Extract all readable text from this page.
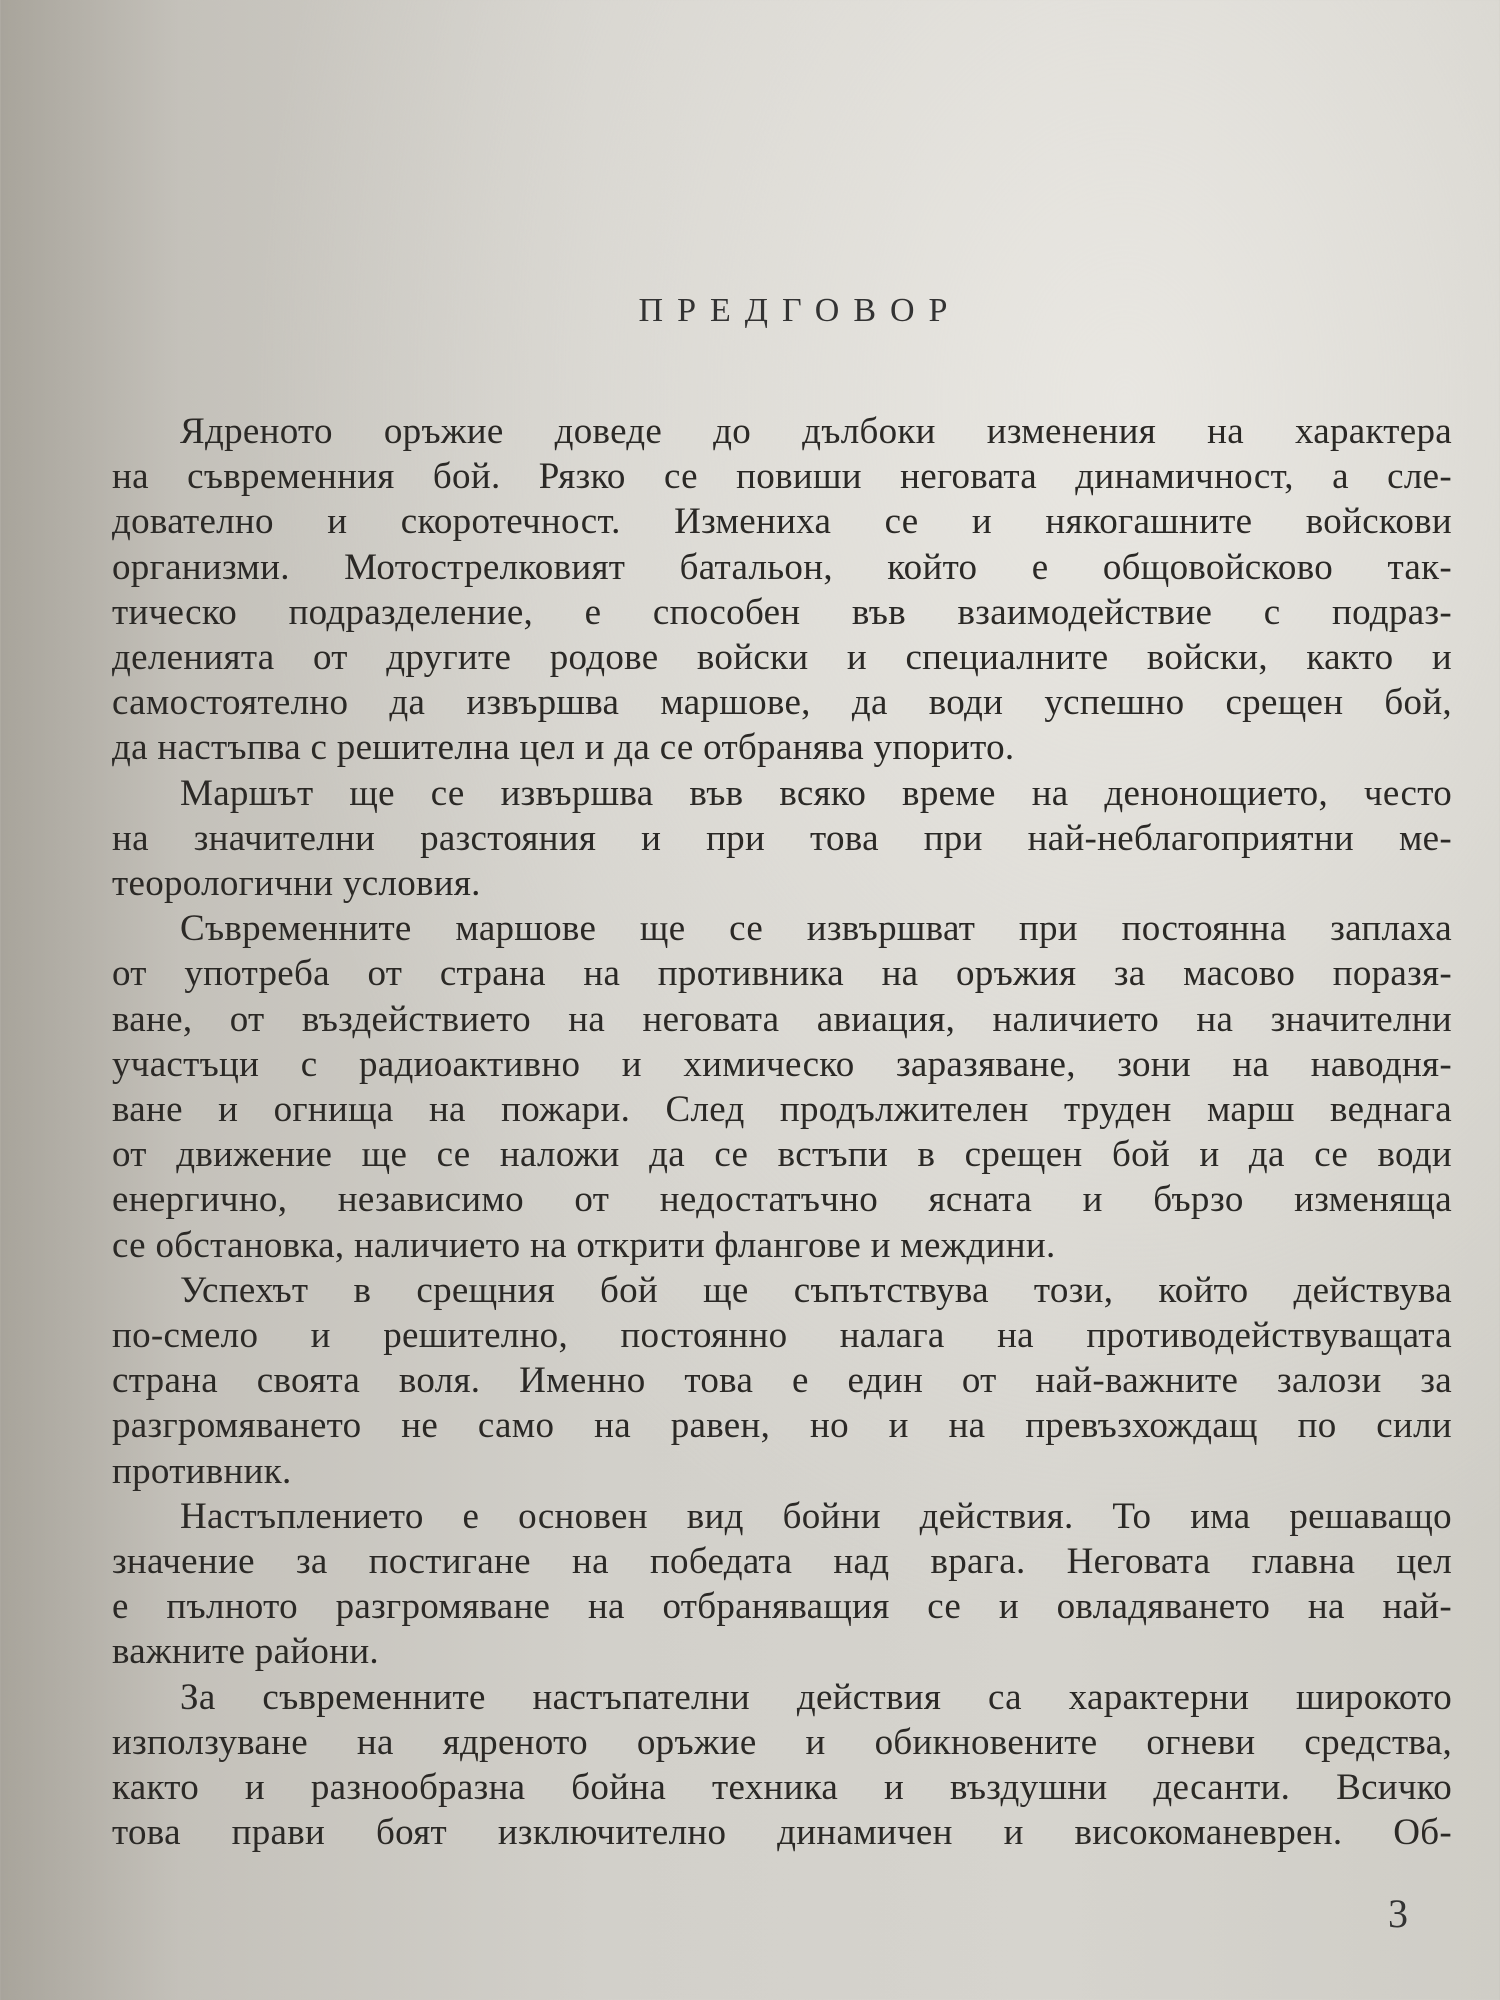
ПРЕДГОВОР
Ядреното оръжие доведе до дълбоки изменения на характера
на съвременния бой. Рязко се повиши неговата динамичност, а сле-
дователно и скоротечност. Измениха се и някогашните войскови
организми. Мотострелковият батальон, който е общовойсково так-
тическо подразделение, е способен във взаимодействие с подраз-
деленията от другите родове войски и специалните войски, както и
самостоятелно да извършва маршове, да води успешно срещен бой,
да настъпва с решителна цел и да се отбранява упорито.
Маршът ще се извършва във всяко време на денонощието, често
на значителни разстояния и при това при най-неблагоприятни ме-
теорологични условия.
Съвременните маршове ще се извършват при постоянна заплаха
от употреба от страна на противника на оръжия за масово поразя-
ване, от въздействието на неговата авиация, наличието на значителни
участъци с радиоактивно и химическо заразяване, зони на наводня-
ване и огнища на пожари. След продължителен труден марш веднага
от движение ще се наложи да се встъпи в срещен бой и да се води
енергично, независимо от недостатъчно ясната и бързо изменяща
се обстановка, наличието на открити флангове и междини.
Успехът в срещния бой ще съпътствува този, който действува
по-смело и решително, постоянно налага на противодействуващата
страна своята воля. Именно това е един от най-важните залози за
разгромяването не само на равен, но и на превъзхождащ по сили
противник.
Настъплението е основен вид бойни действия. То има решаващо
значение за постигане на победата над врага. Неговата главна цел
е пълното разгромяване на отбраняващия се и овладяването на най-
важните райони.
За съвременните настъпателни действия са характерни широкото
използуване на ядреното оръжие и обикновените огневи средства,
както и разнообразна бойна техника и въздушни десанти. Всичко
това прави боят изключително динамичен и високоманеврен. Об-
3
